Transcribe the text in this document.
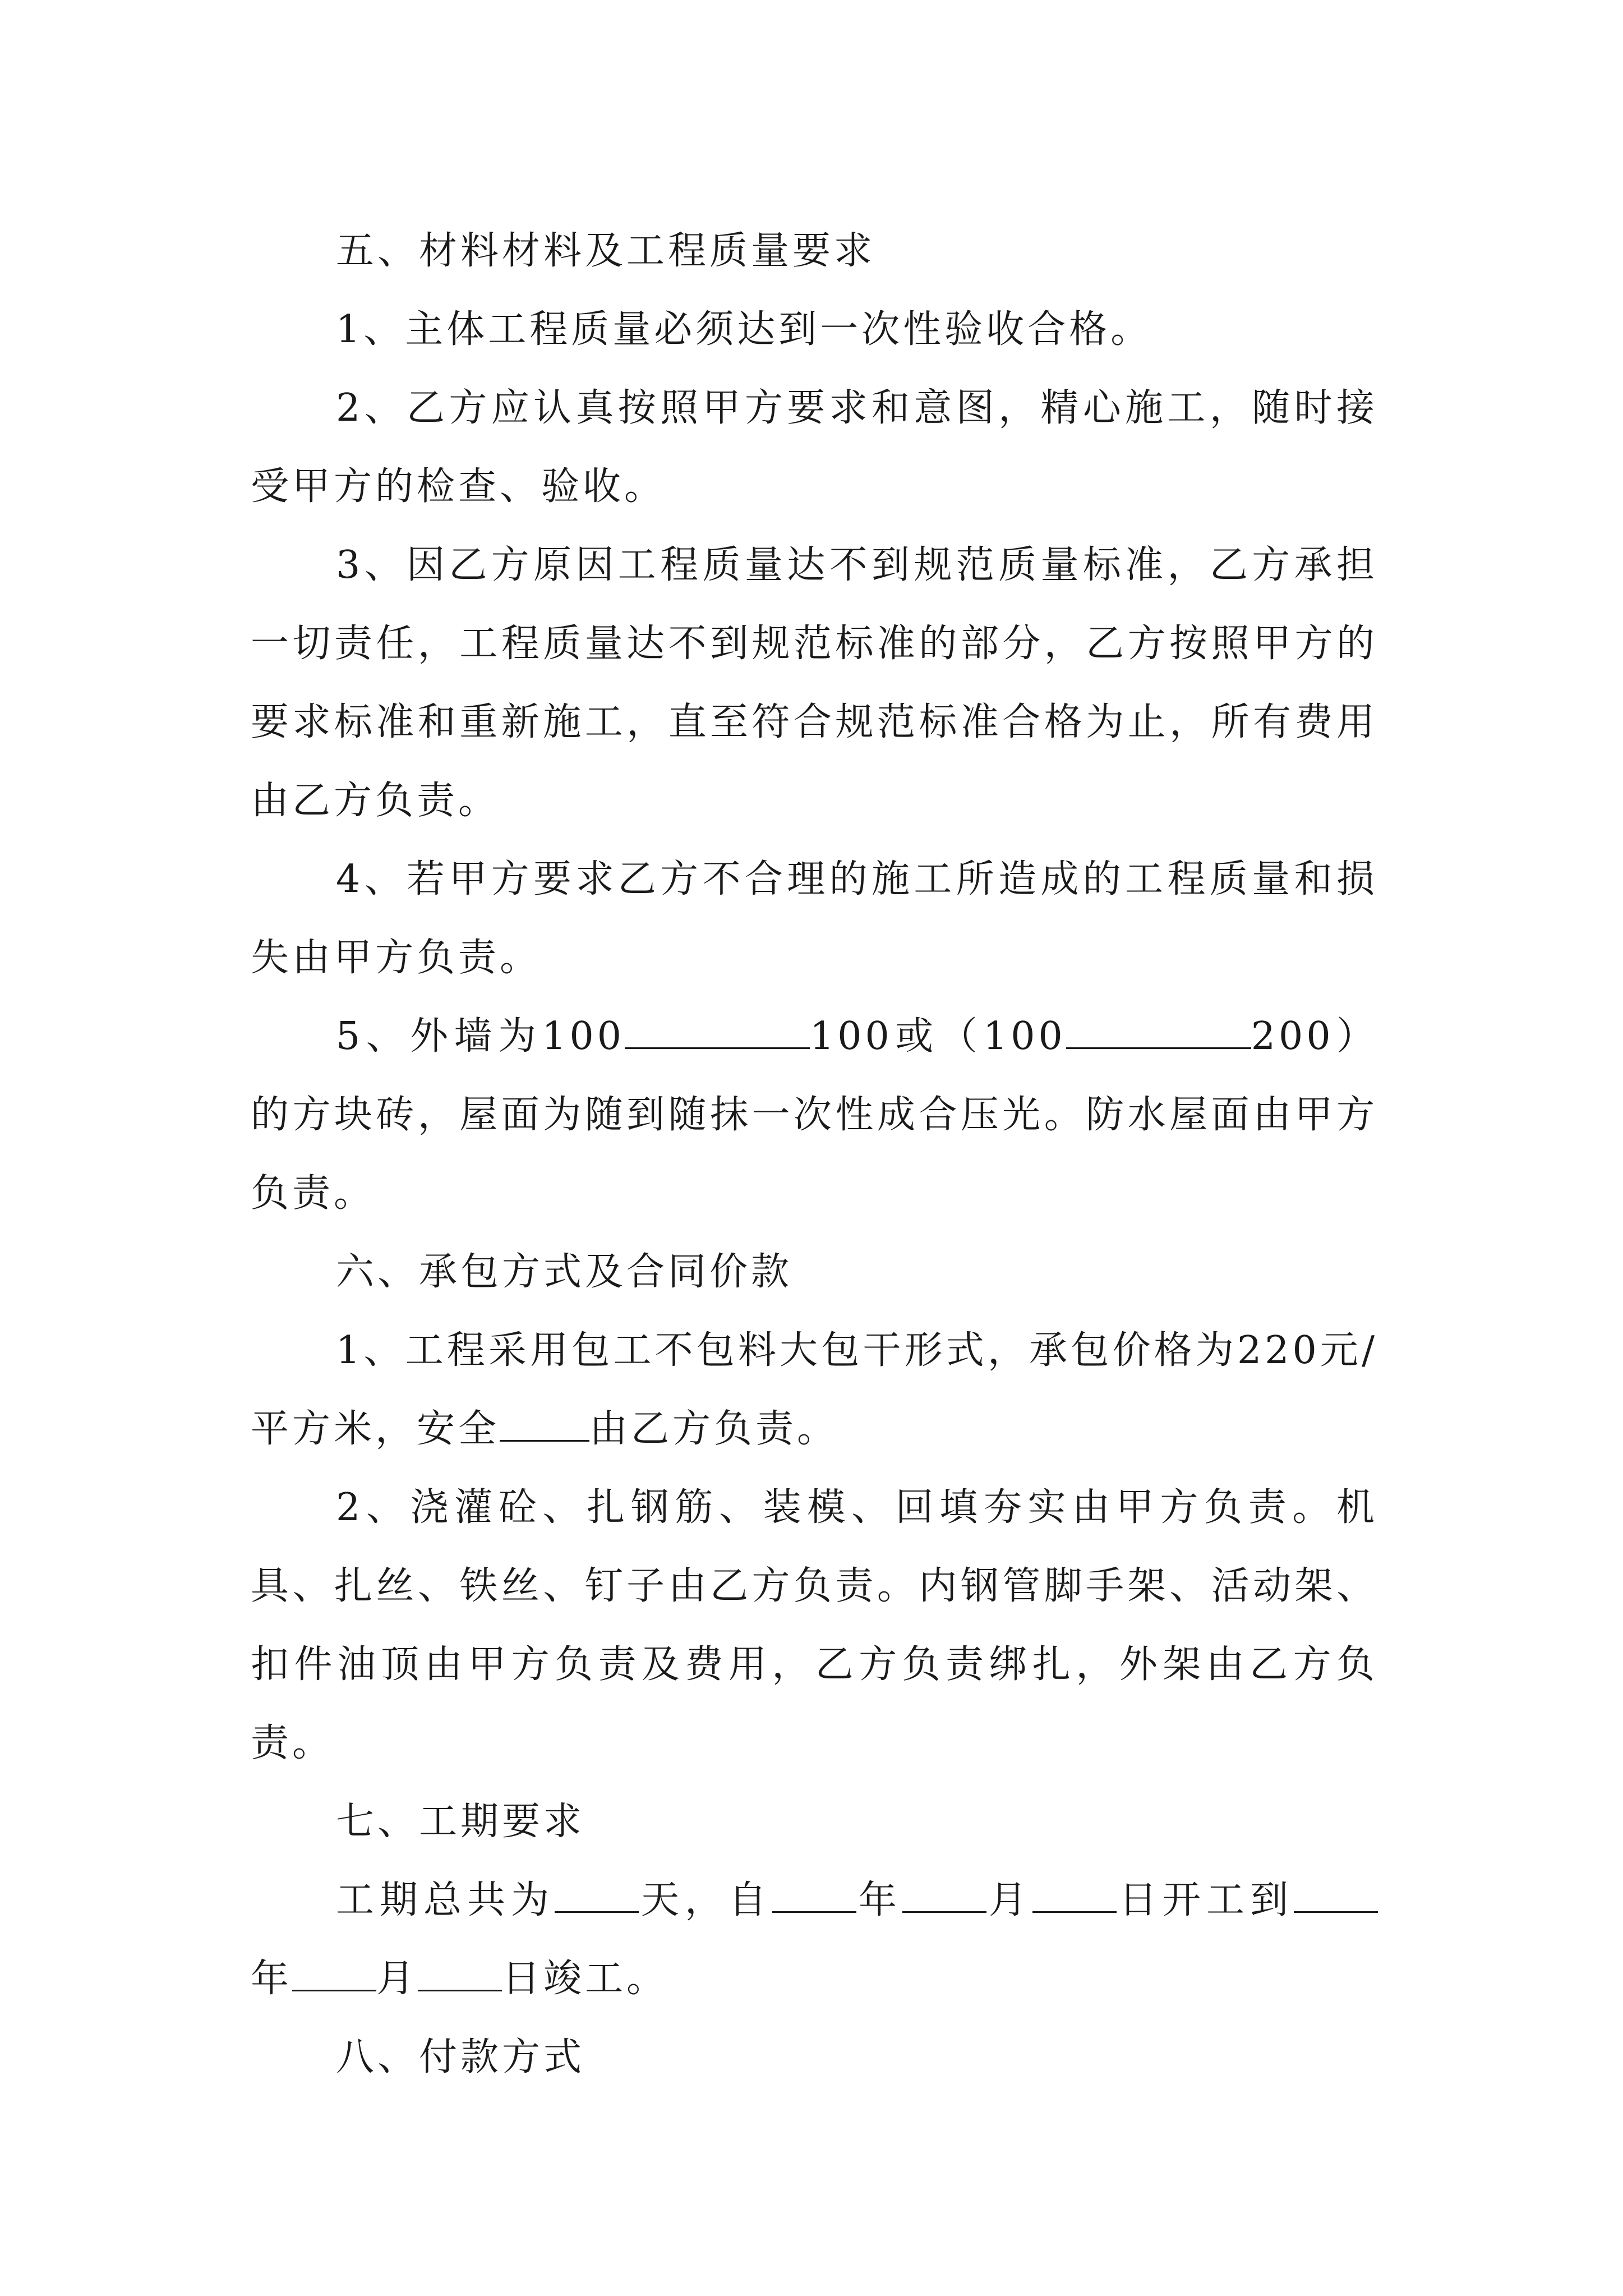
五、材料材料及工程质量要求

1、主体工程质量必须达到一次性验收合格。

2、乙方应认真按照甲方要求和意图，精心施工，随时接受甲方的检查、验收。

3、因乙方原因工程质量达不到规范质量标准，乙方承担一切责任，工程质量达不到规范标准的部分，乙方按照甲方的要求标准和重新施工，直至符合规范标准合格为止，所有费用由乙方负责。

4、若甲方要求乙方不合理的施工所造成的工程质量和损失由甲方负责。

5、外墙为100	100或（100	200）的方块砖，屋面为随到随抹一次性成合压光。防水屋面由甲方负责。

六、承包方式及合同价款

1、工程采用包工不包料大包干形式，承包价格为220元/平方米，安全 由乙方负责。

2、浇灌砼、扎钢筋、装模、回填夯实由甲方负责。机具、扎丝、铁丝、钉子由乙方负责。内钢管脚手架、活动架、扣件油顶由甲方负责及费用，乙方负责绑扎，外架由乙方负责。

七、工期要求

工期总共为 天，自 年 月 日开工到年 月 日竣工。

八、付款方式
